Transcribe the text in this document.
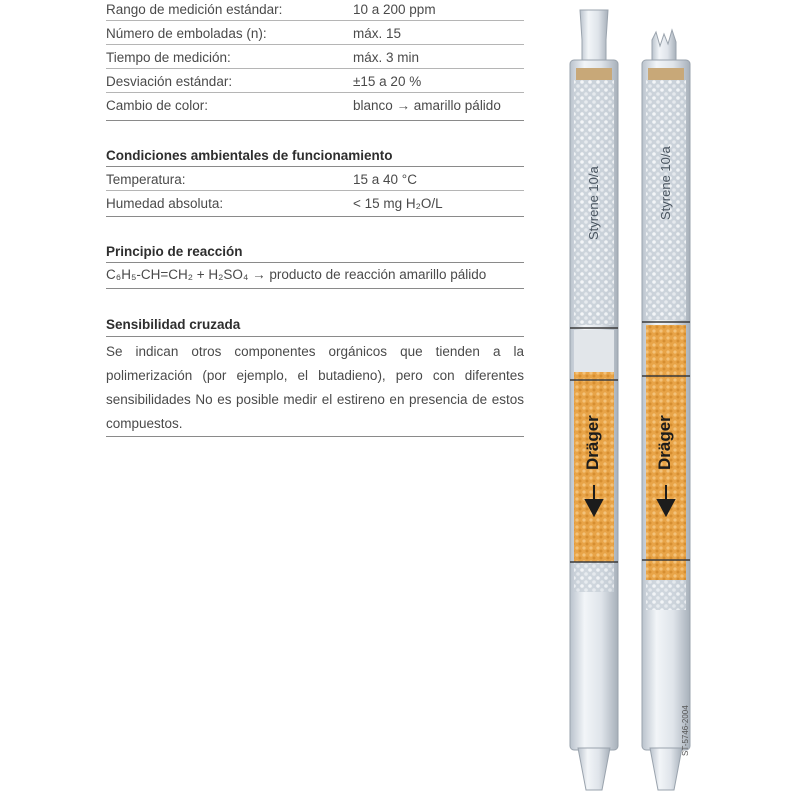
Rango de medición estándar:	10 a 200 ppm
Número de emboladas (n):	máx. 15
Tiempo de medición:	máx. 3 min
Desviación estándar:	±15 a 20 %
Cambio de color:	blanco → amarillo pálido
Condiciones ambientales de funcionamiento
Temperatura:	15 a 40 °C
Humedad absoluta:	< 15 mg H₂O/L
Principio de reacción
C₆H₅-CH=CH₂ + H₂SO₄ → producto de reacción amarillo pálido
Sensibilidad cruzada
Se indican otros componentes orgánicos que tienden a la polimerización (por ejemplo, el butadieno), pero con diferentes sensibilidades No es posible medir el estireno en presencia de estos compuestos.
Styrene 10/a
Dräger
Styrene 10/a
Dräger
ST-5746-2004
